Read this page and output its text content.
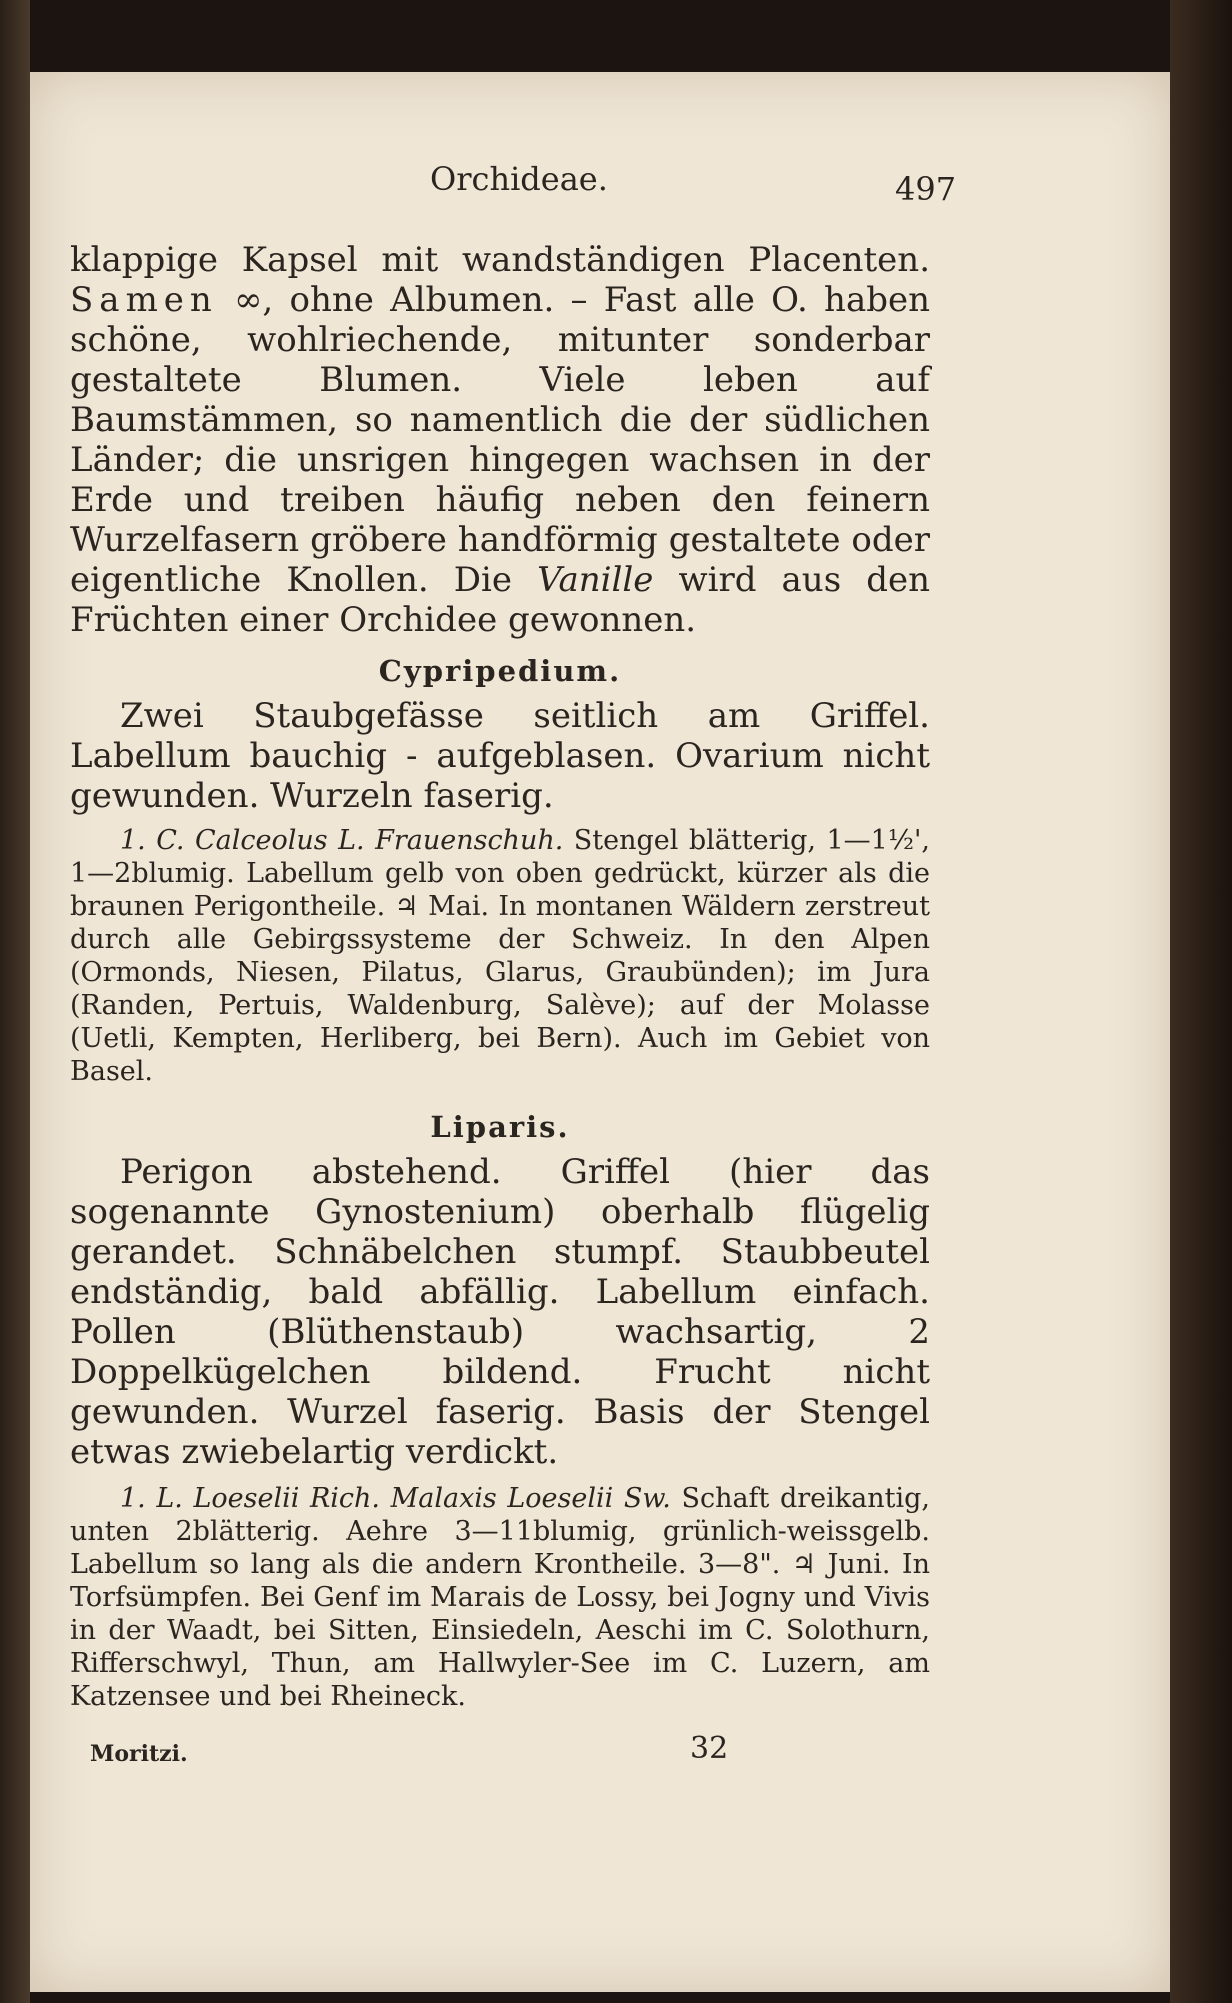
Orchideae.	497

klappige Kapsel mit wandständigen Placenten. Samen ∞, ohne Albumen. – Fast alle O. haben schöne, wohlriechende, mitunter sonderbar gestaltete Blumen. Viele leben auf Baumstämmen, so namentlich die der südlichen Länder; die unsrigen hingegen wachsen in der Erde und treiben häufig neben den feinern Wurzelfasern gröbere handförmig gestaltete oder eigentliche Knollen. Die Vanille wird aus den Früchten einer Orchidee gewonnen.

Cypripedium.

Zwei Staubgefässe seitlich am Griffel. Labellum bauchig - aufgeblasen. Ovarium nicht gewunden. Wurzeln faserig.

1. C. Calceolus L. Frauenschuh. Stengel blätterig, 1—1½', 1—2blumig. Labellum gelb von oben gedrückt, kürzer als die braunen Perigontheile. ♃ Mai. In montanen Wäldern zerstreut durch alle Gebirgssysteme der Schweiz. In den Alpen (Ormonds, Niesen, Pilatus, Glarus, Graubünden); im Jura (Randen, Pertuis, Waldenburg, Salève); auf der Molasse (Uetli, Kempten, Herliberg, bei Bern). Auch im Gebiet von Basel.

Liparis.

Perigon abstehend. Griffel (hier das sogenannte Gynostenium) oberhalb flügelig gerandet. Schnäbelchen stumpf. Staubbeutel endständig, bald abfällig. Labellum einfach. Pollen (Blüthenstaub) wachsartig, 2 Doppelkügelchen bildend. Frucht nicht gewunden. Wurzel faserig. Basis der Stengel etwas zwiebelartig verdickt.

1. L. Loeselii Rich. Malaxis Loeselii Sw. Schaft dreikantig, unten 2blätterig. Aehre 3—11blumig, grünlich-weissgelb. Labellum so lang als die andern Krontheile. 3—8". ♃ Juni. In Torfsümpfen. Bei Genf im Marais de Lossy, bei Jogny und Vivis in der Waadt, bei Sitten, Einsiedeln, Aeschi im C. Solothurn, Rifferschwyl, Thun, am Hallwyler-See im C. Luzern, am Katzensee und bei Rheineck.

Moritzi.	32
